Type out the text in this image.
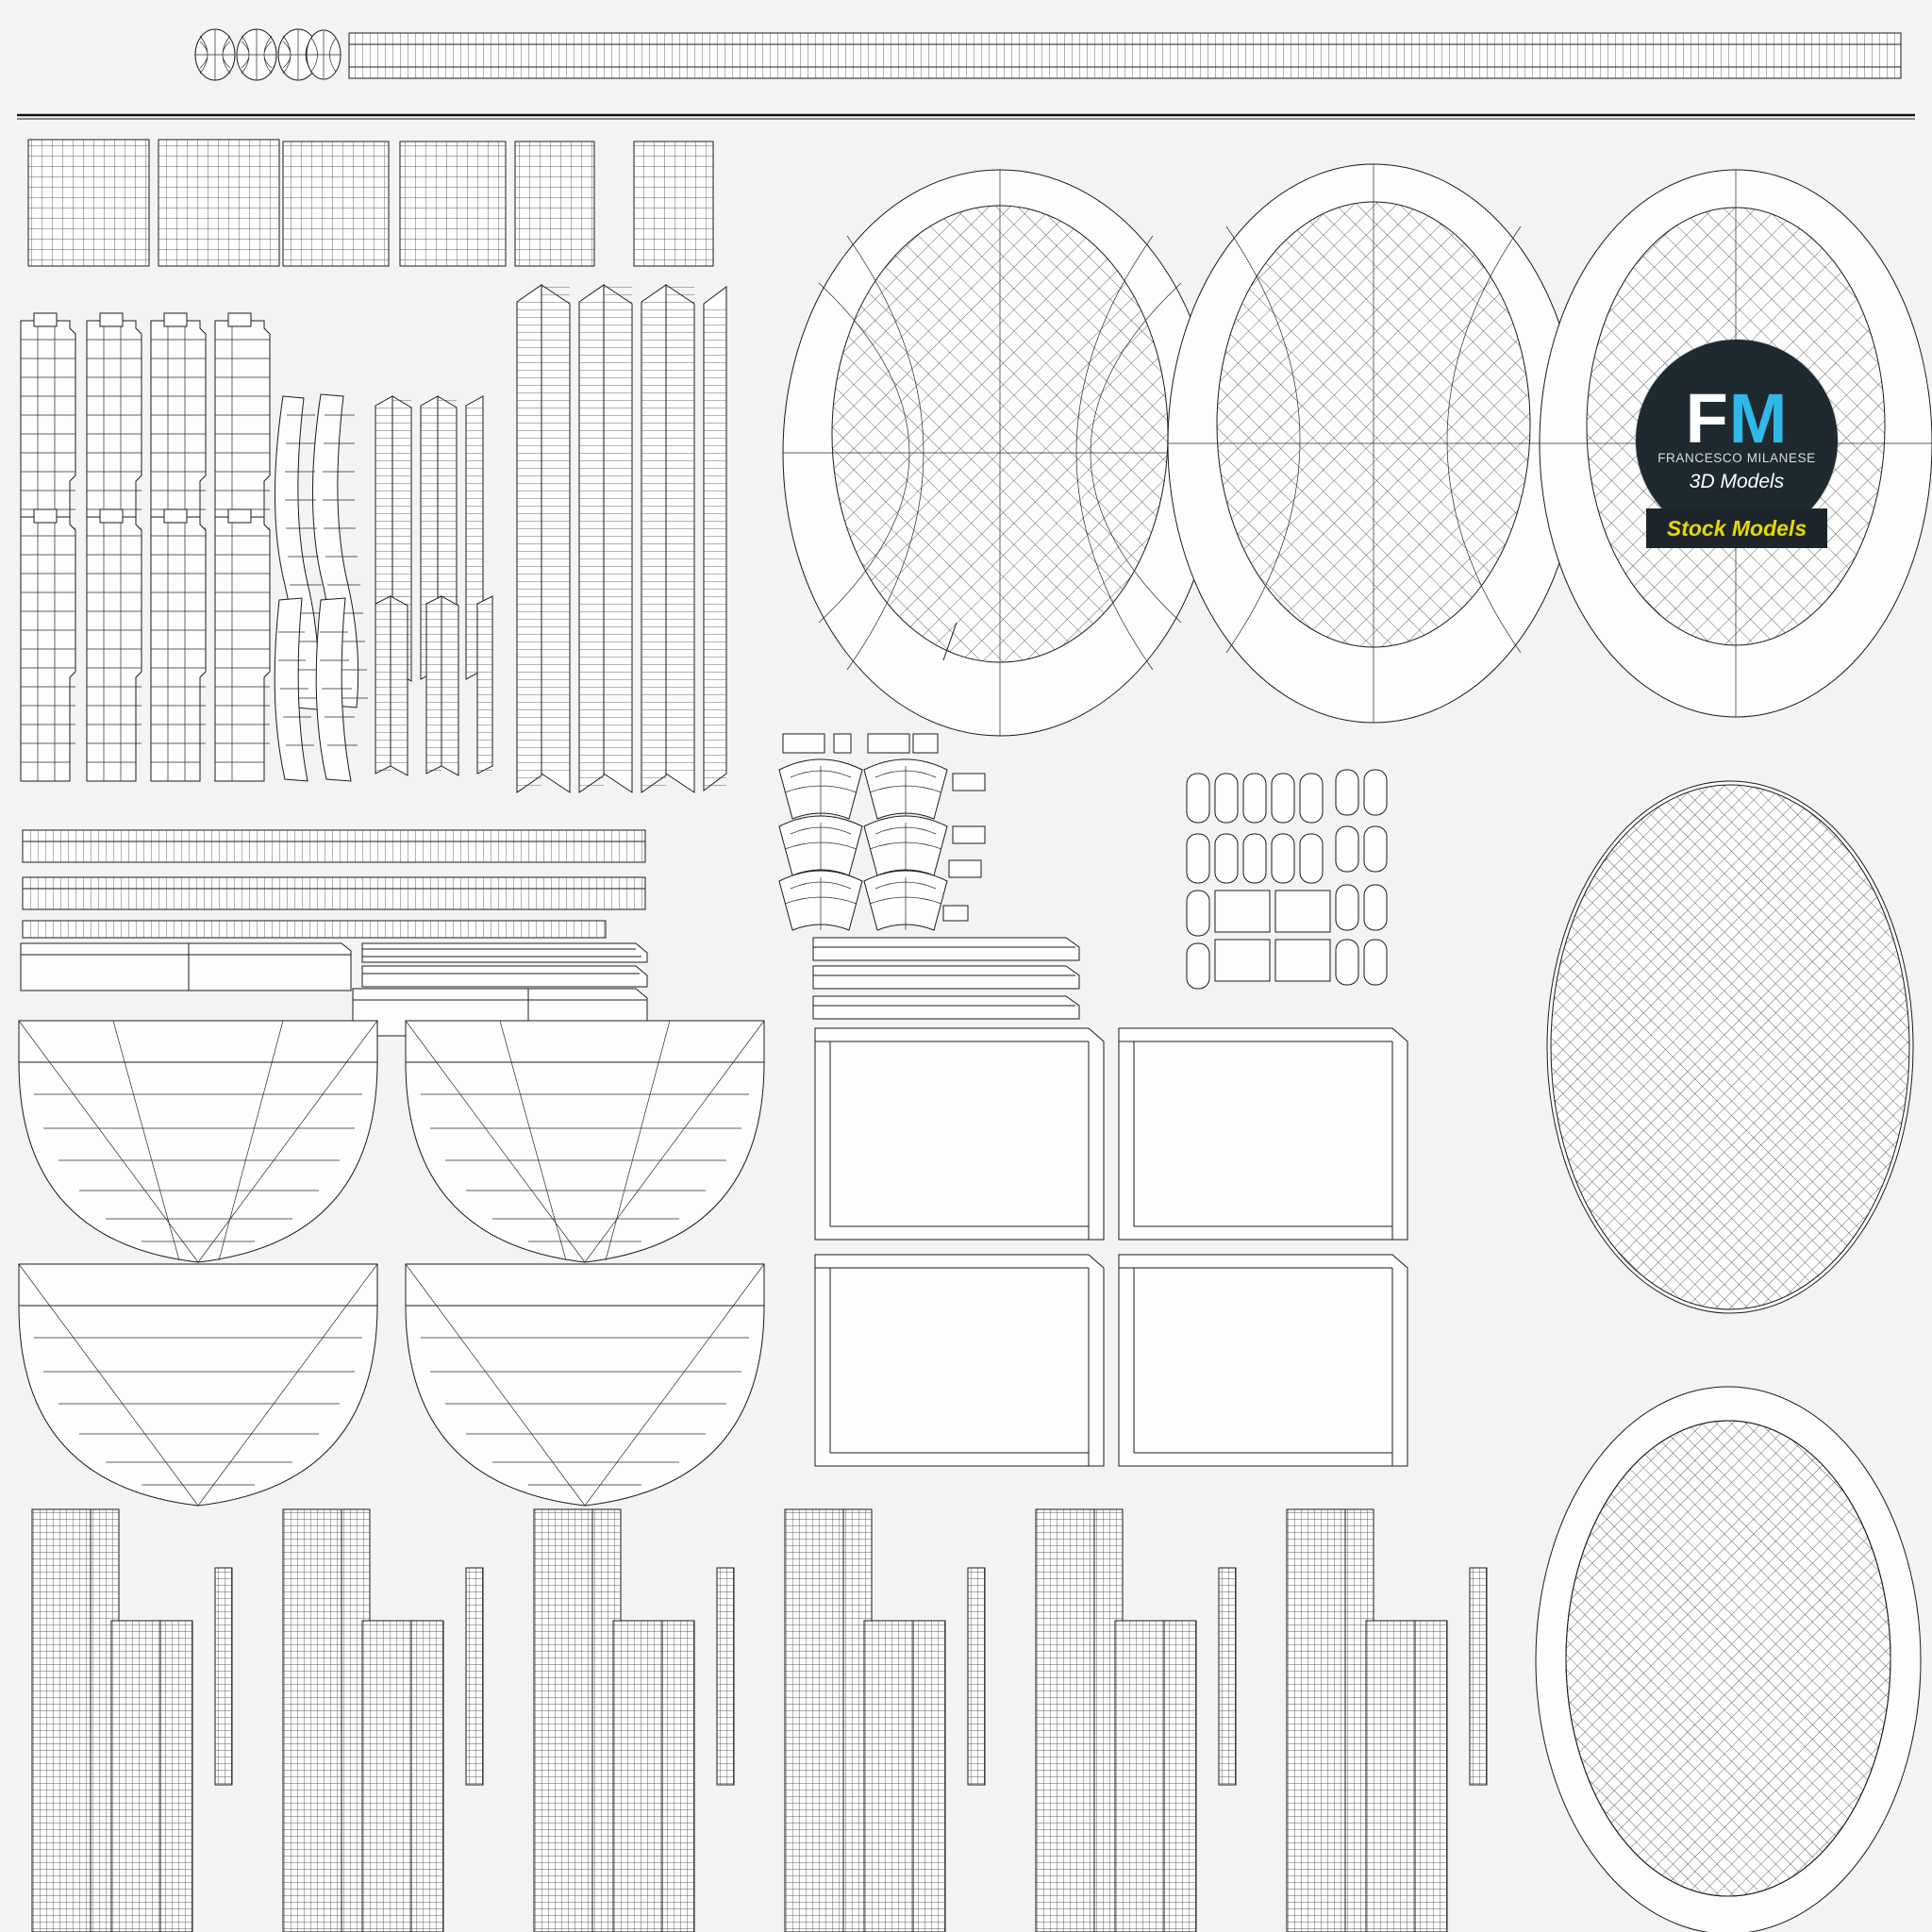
FM
FRANCESCO MILANESE
3D Models
Stock Models
